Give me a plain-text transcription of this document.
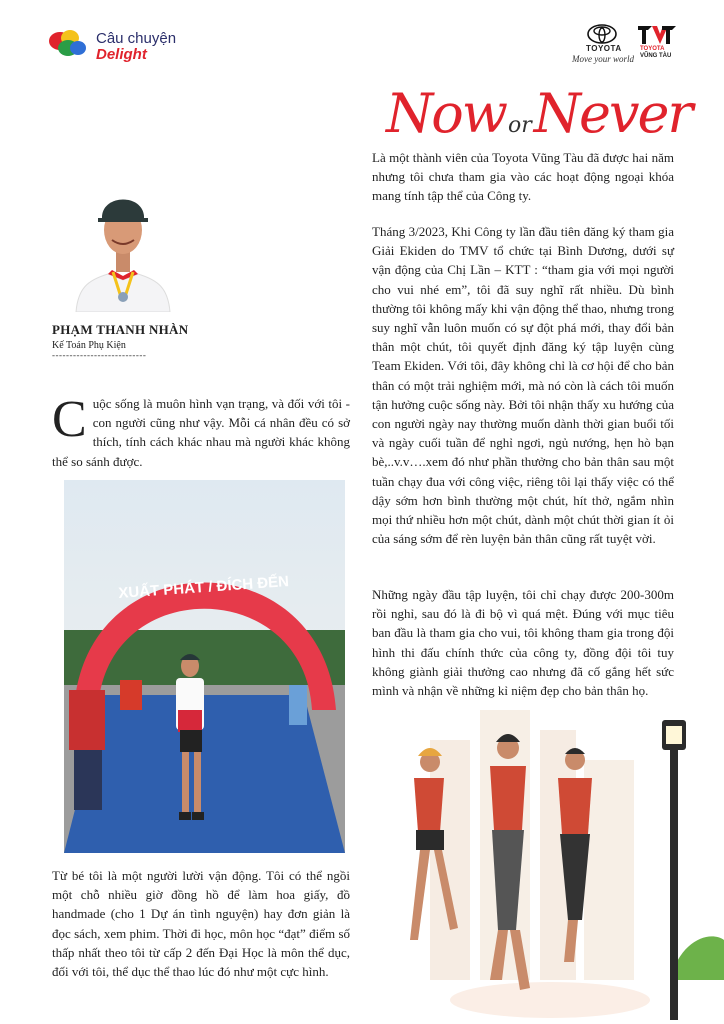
Câu chuyện
Delight	TOYOTA
Move your world
TOYOTA
VŨNG TÀU
NoworNever
PHẠM THANH NHÀN
Kế Toán Phụ Kiện
---------------------------
Cuộc sống là muôn hình vạn trạng, và đối với tôi - con người cũng như vậy. Mỗi cá nhân đều có sở thích, tính cách khác nhau mà người khác không thể so sánh được.
XUẤT PHÁT / ĐÍCH ĐẾN
Từ bé tôi là một người lười vận động. Tôi có thể ngồi một chỗ nhiều giờ đồng hồ để làm hoa giấy, đồ handmade (cho 1 Dự án tình nguyện) hay đơn giản là đọc sách, xem phim. Thời đi học, môn học “đạt” điểm số thấp nhất theo tôi từ cấp 2 đến Đại Học là môn thể dục, đối với tôi, thể dục thể thao lúc đó như một cực hình.
Là một thành viên của Toyota Vũng Tàu đã được hai năm nhưng tôi chưa tham gia vào các hoạt động ngoại khóa mang tính tập thể của Công ty.
Tháng 3/2023, Khi Công ty lần đầu tiên đăng ký tham gia Giải Ekiden do TMV tổ chức tại Bình Dương, dưới sự vận động của Chị Lần – KTT : “tham gia với mọi người cho vui nhé em”, tôi đã suy nghĩ rất nhiều. Dù bình thường tôi không mấy khi vận động thể thao, nhưng trong suy nghĩ vẫn luôn muốn có sự đột phá mới, thay đổi bản thân một chút, tôi quyết định đăng ký tập luyện cùng Team Ekiden. Với tôi, đây không chỉ là cơ hội để cho bản thân có một trải nghiệm mới, mà nó còn là cách tôi muốn tận hưởng cuộc sống này. Bởi tôi nhận thấy xu hướng của con người ngày nay thường muốn dành thời gian buổi tối và ngày cuối tuần để nghỉ ngơi, ngủ nướng, hẹn hò bạn bè,..v.v….xem đó như phần thưởng cho bản thân sau một tuần chạy đua với công việc, riêng tôi lại thấy việc có thể dậy sớm hơn bình thường một chút, hít thở, ngắm nhìn mọi thứ nhiều hơn một chút, dành một chút thời gian ít ỏi của sáng sớm để rèn luyện bản thân cũng rất tuyệt vời.
Những ngày đầu tập luyện, tôi chỉ chạy được 200-300m rồi nghỉ, sau đó là đi bộ vì quá mệt. Đúng với mục tiêu ban đầu là tham gia cho vui, tôi không tham gia trong đội hình thi đấu chính thức của công ty, đồng đội tôi tuy không giành giải thưởng cao nhưng đã cố gắng hết sức mình và nhận về những kỉ niệm đẹp cho bản thân họ.
